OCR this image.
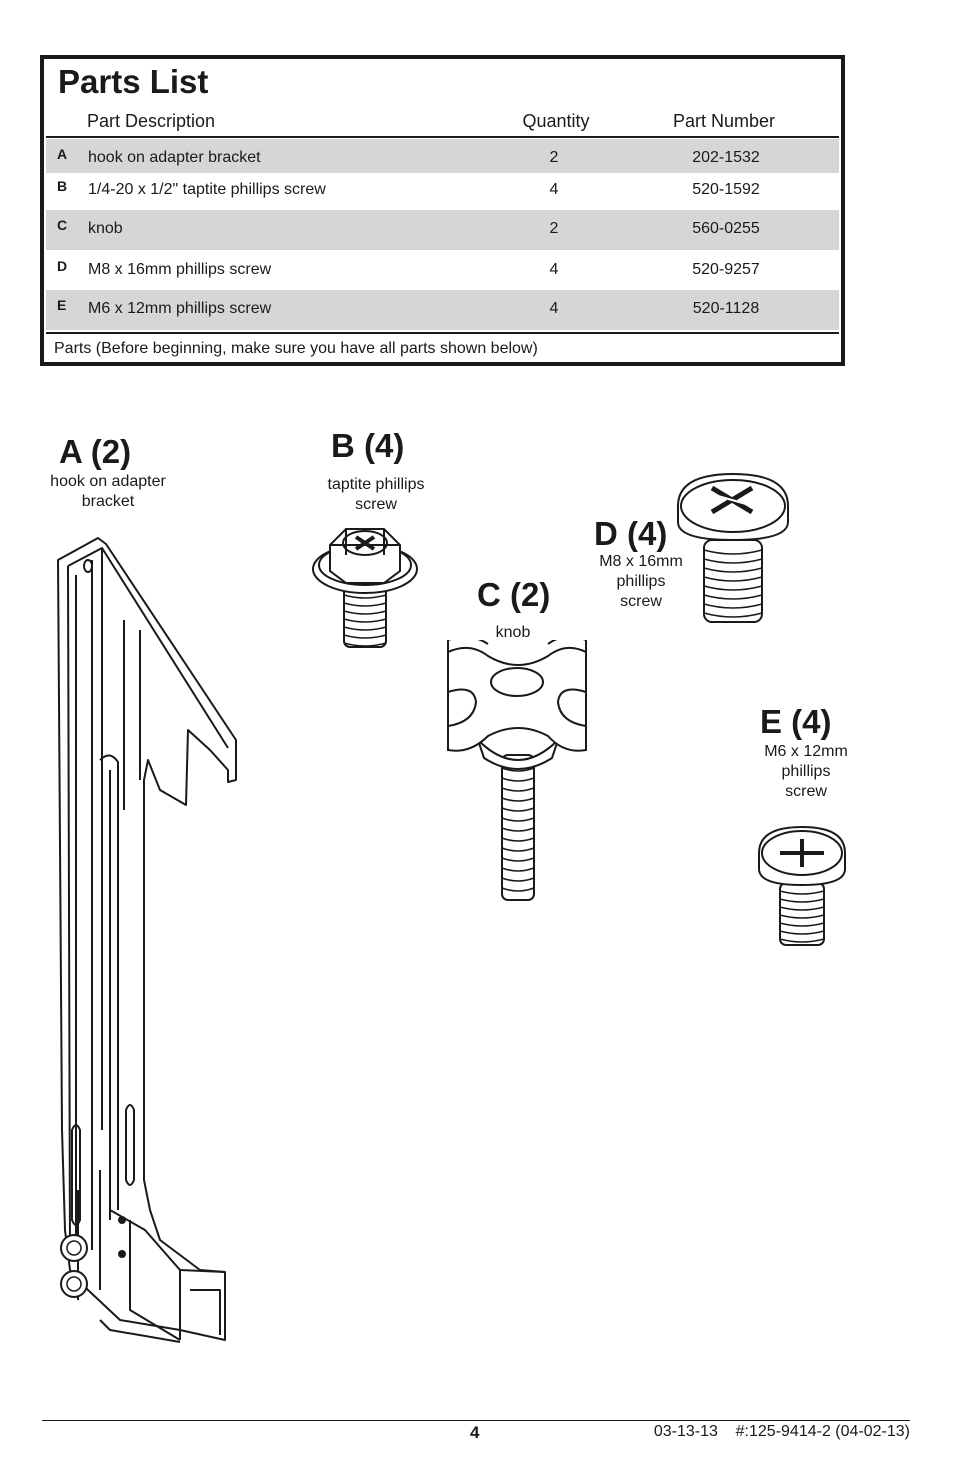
Parts List
Part Description	Quantity	Part Number
A hook on adapter bracket	2	202-1532
B 1/4-20 x 1/2" taptite phillips screw	4	520-1592
C knob	2	560-0255
D M8 x 16mm phillips screw	4	520-9257
E M6 x 12mm phillips screw	4	520-1128
Parts (Before beginning, make sure you have all parts shown below)
A (2)
hook on adapter
bracket
B (4)
taptite phillips
screw
C (2)
knob
D (4)
M8 x 16mm
phillips
screw
E (4)
M6 x 12mm
phillips
screw
4	03-13-13    #:125-9414-2 (04-02-13)
